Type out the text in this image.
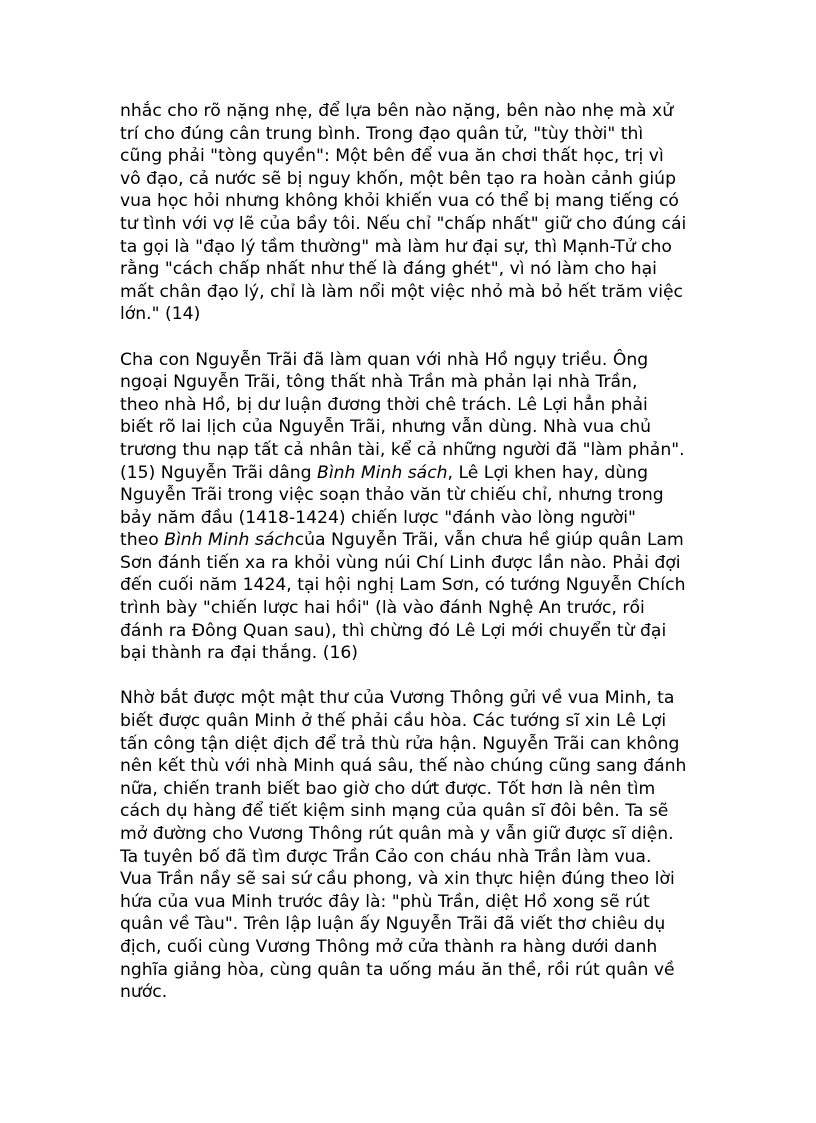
nhắc cho rõ nặng nhẹ, để lựa bên nào nặng, bên nào nhẹ mà xử
trí cho đúng cân trung bình. Trong đạo quân tử, "tùy thời" thì
cũng phải "tòng quyền": Một bên để vua ăn chơi thất học, trị vì
vô đạo, cả nước sẽ bị nguy khốn, một bên tạo ra hoàn cảnh giúp
vua học hỏi nhưng không khỏi khiến vua có thể bị mang tiếng có
tư tình với vợ lẽ của bầy tôi. Nếu chỉ "chấp nhất" giữ cho đúng cái
ta gọi là "đạo lý tầm thường" mà làm hư đại sự, thì Mạnh-Tử cho
rằng "cách chấp nhất như thế là đáng ghét", vì nó làm cho hại
mất chân đạo lý, chỉ là làm nổi một việc nhỏ mà bỏ hết trăm việc
lớn." (14)
Cha con Nguyễn Trãi đã làm quan với nhà Hồ ngụy triều. Ông
ngoại Nguyễn Trãi, tông thất nhà Trần mà phản lại nhà Trần,
theo nhà Hồ, bị dư luận đương thời chê trách. Lê Lợi hẳn phải
biết rõ lai lịch của Nguyễn Trãi, nhưng vẫn dùng. Nhà vua chủ
trương thu nạp tất cả nhân tài, kể cả những người đã "làm phản".
(15) Nguyễn Trãi dâng Bình Minh sách, Lê Lợi khen hay, dùng
Nguyễn Trãi trong việc soạn thảo văn từ chiếu chỉ, nhưng trong
bảy năm đầu (1418-1424) chiến lược "đánh vào lòng người"
theo Bình Minh sáchcủa Nguyễn Trãi, vẫn chưa hề giúp quân Lam
Sơn đánh tiến xa ra khỏi vùng núi Chí Linh được lần nào. Phải đợi
đến cuối năm 1424, tại hội nghị Lam Sơn, có tướng Nguyễn Chích
trình bày "chiến lược hai hồi" (là vào đánh Nghệ An trước, rồi
đánh ra Đông Quan sau), thì chừng đó Lê Lợi mới chuyển từ đại
bại thành ra đại thắng. (16)
Nhờ bắt được một mật thư của Vương Thông gửi về vua Minh, ta
biết được quân Minh ở thế phải cầu hòa. Các tướng sĩ xin Lê Lợi
tấn công tận diệt địch để trả thù rửa hận. Nguyễn Trãi can không
nên kết thù với nhà Minh quá sâu, thế nào chúng cũng sang đánh
nữa, chiến tranh biết bao giờ cho dứt được. Tốt hơn là nên tìm
cách dụ hàng để tiết kiệm sinh mạng của quân sĩ đôi bên. Ta sẽ
mở đường cho Vương Thông rút quân mà y vẫn giữ được sĩ diện.
Ta tuyên bố đã tìm được Trần Cảo con cháu nhà Trần làm vua.
Vua Trần nầy sẽ sai sứ cầu phong, và xin thực hiện đúng theo lời
hứa của vua Minh trước đây là: "phù Trần, diệt Hồ xong sẽ rút
quân về Tàu". Trên lập luận ấy Nguyễn Trãi đã viết thơ chiêu dụ
địch, cuối cùng Vương Thông mở cửa thành ra hàng dưới danh
nghĩa giảng hòa, cùng quân ta uống máu ăn thề, rồi rút quân về
nước.
